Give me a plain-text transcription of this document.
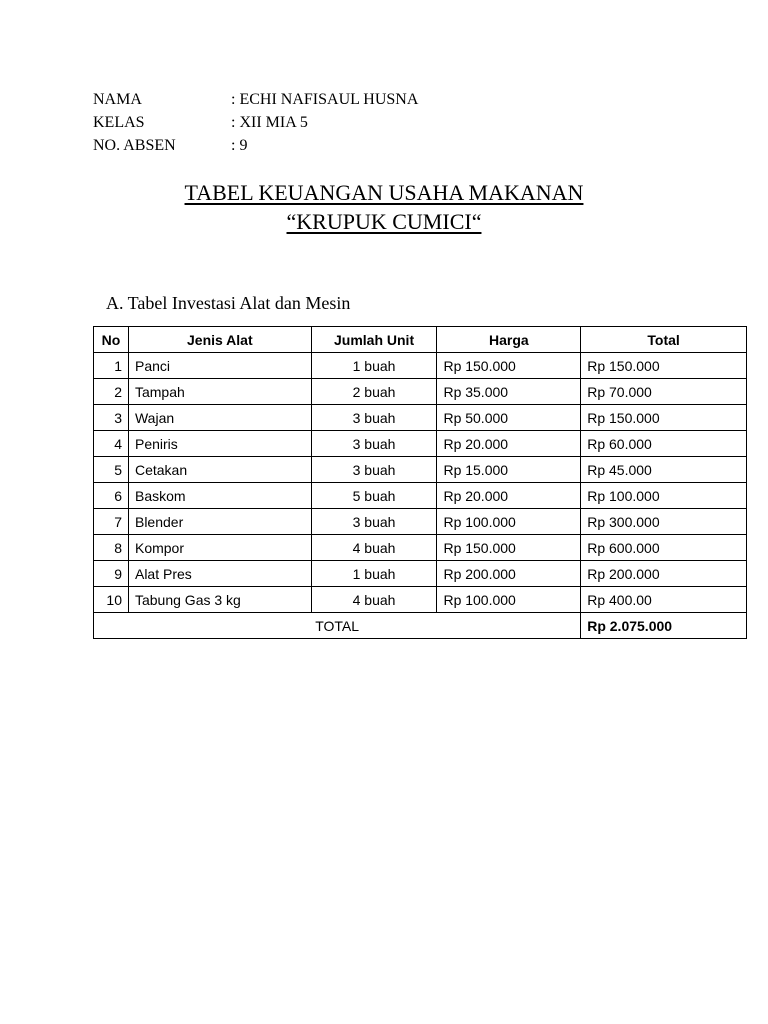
NAMA	: ECHI NAFISAUL HUSNA
KELAS	: XII MIA 5
NO. ABSEN	: 9
TABEL KEUANGAN USAHA MAKANAN
“KRUPUK CUMICI“
A. Tabel Investasi Alat dan Mesin
No	Jenis Alat	Jumlah Unit	Harga	Total
1	Panci	1 buah	Rp 150.000	Rp 150.000
2	Tampah	2 buah	Rp 35.000	Rp 70.000
3	Wajan	3 buah	Rp 50.000	Rp 150.000
4	Peniris	3 buah	Rp 20.000	Rp 60.000
5	Cetakan	3 buah	Rp 15.000	Rp 45.000
6	Baskom	5 buah	Rp 20.000	Rp 100.000
7	Blender	3 buah	Rp 100.000	Rp 300.000
8	Kompor	4 buah	Rp 150.000	Rp 600.000
9	Alat Pres	1 buah	Rp 200.000	Rp 200.000
10	Tabung Gas 3 kg	4 buah	Rp 100.000	Rp 400.00
TOTAL				Rp 2.075.000
